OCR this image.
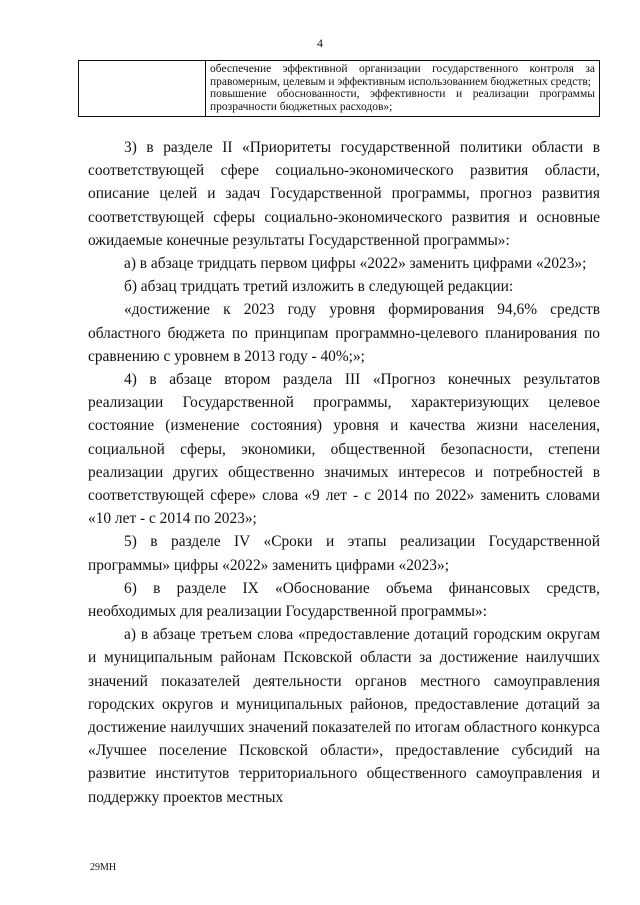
4

обеспечение эффективной организации государственного контроля за правомерным, целевым и эффективным использованием бюджетных средств;
повышение обоснованности, эффективности и реализации программы прозрачности бюджетных расходов»;

3) в разделе II «Приоритеты государственной политики области в соответствующей сфере социально-экономического развития области, описание целей и задач Государственной программы, прогноз развития соответствующей сферы социально-экономического развития и основные ожидаемые конечные результаты Государственной программы»:

а) в абзаце тридцать первом цифры «2022» заменить цифрами «2023»;

б) абзац тридцать третий изложить в следующей редакции:

«достижение к 2023 году уровня формирования 94,6% средств областного бюджета по принципам программно-целевого планирования по сравнению с уровнем в 2013 году - 40%;»;

4) в абзаце втором раздела III «Прогноз конечных результатов реализации Государственной программы, характеризующих целевое состояние (изменение состояния) уровня и качества жизни населения, социальной сферы, экономики, общественной безопасности, степени реализации других общественно значимых интересов и потребностей в соответствующей сфере» слова «9 лет - с 2014 по 2022» заменить словами «10 лет - с 2014 по 2023»;

5) в разделе IV «Сроки и этапы реализации Государственной программы» цифры «2022» заменить цифрами «2023»;

6) в разделе IX «Обоснование объема финансовых средств, необходимых для реализации Государственной программы»:

а) в абзаце третьем слова «предоставление дотаций городским округам и муниципальным районам Псковской области за достижение наилучших значений показателей деятельности органов местного самоуправления городских округов и муниципальных районов, предоставление дотаций за достижение наилучших значений показателей по итогам областного конкурса «Лучшее поселение Псковской области», предоставление субсидий на развитие институтов территориального общественного самоуправления и поддержку проектов местных

29МН
